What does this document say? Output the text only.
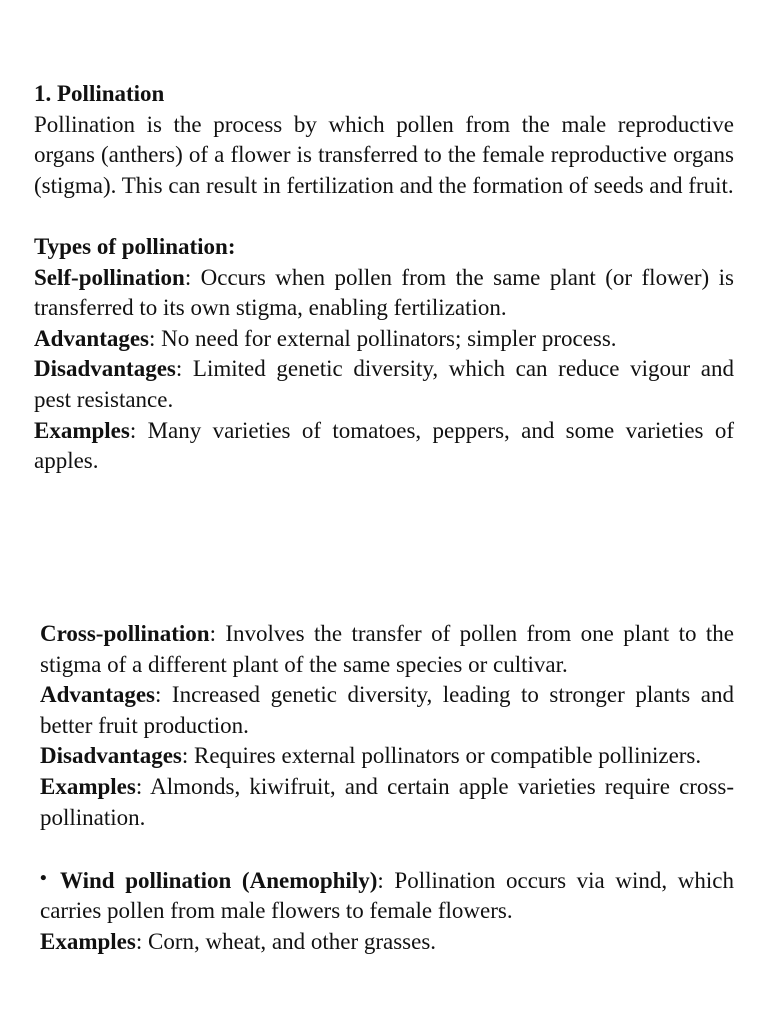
1. Pollination

Pollination is the process by which pollen from the male reproductive organs (anthers) of a flower is transferred to the female reproductive organs (stigma). This can result in fertilization and the formation of seeds and fruit.

Types of pollination:

Self-pollination: Occurs when pollen from the same plant (or flower) is transferred to its own stigma, enabling fertilization.

Advantages: No need for external pollinators; simpler process.

Disadvantages: Limited genetic diversity, which can reduce vigour and pest resistance.

Examples: Many varieties of tomatoes, peppers, and some varieties of apples.

Cross-pollination: Involves the transfer of pollen from one plant to the stigma of a different plant of the same species or cultivar.

Advantages: Increased genetic diversity, leading to stronger plants and better fruit production.

Disadvantages: Requires external pollinators or compatible pollinizers.

Examples: Almonds, kiwifruit, and certain apple varieties require cross-pollination.

• Wind pollination (Anemophily): Pollination occurs via wind, which carries pollen from male flowers to female flowers.

Examples: Corn, wheat, and other grasses.
